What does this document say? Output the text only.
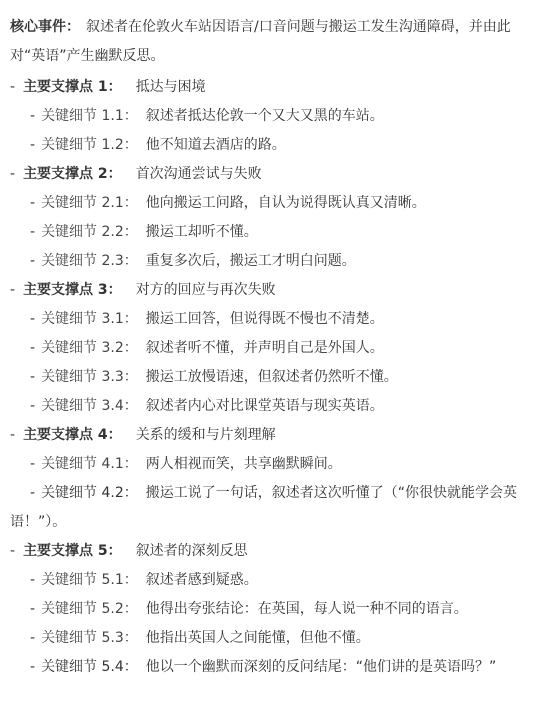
核心事件： 叙述者在伦敦火车站因语言/口音问题与搬运工发生沟通障碍，并由此对“英语”产生幽默反思。
- 主要支撑点 1： 抵达与困境
- 关键细节 1.1： 叙述者抵达伦敦一个又大又黑的车站。
- 关键细节 1.2： 他不知道去酒店的路。
- 主要支撑点 2： 首次沟通尝试与失败
- 关键细节 2.1： 他向搬运工问路，自认为说得既认真又清晰。
- 关键细节 2.2： 搬运工却听不懂。
- 关键细节 2.3： 重复多次后，搬运工才明白问题。
- 主要支撑点 3： 对方的回应与再次失败
- 关键细节 3.1： 搬运工回答，但说得既不慢也不清楚。
- 关键细节 3.2： 叙述者听不懂，并声明自己是外国人。
- 关键细节 3.3： 搬运工放慢语速，但叙述者仍然听不懂。
- 关键细节 3.4： 叙述者内心对比课堂英语与现实英语。
- 主要支撑点 4： 关系的缓和与片刻理解
- 关键细节 4.1： 两人相视而笑，共享幽默瞬间。
- 关键细节 4.2： 搬运工说了一句话，叙述者这次听懂了（“你很快就能学会英语！”）。
- 主要支撑点 5： 叙述者的深刻反思
- 关键细节 5.1： 叙述者感到疑惑。
- 关键细节 5.2： 他得出夸张结论：在英国，每人说一种不同的语言。
- 关键细节 5.3： 他指出英国人之间能懂，但他不懂。
- 关键细节 5.4： 他以一个幽默而深刻的反问结尾：“他们讲的是英语吗？”
